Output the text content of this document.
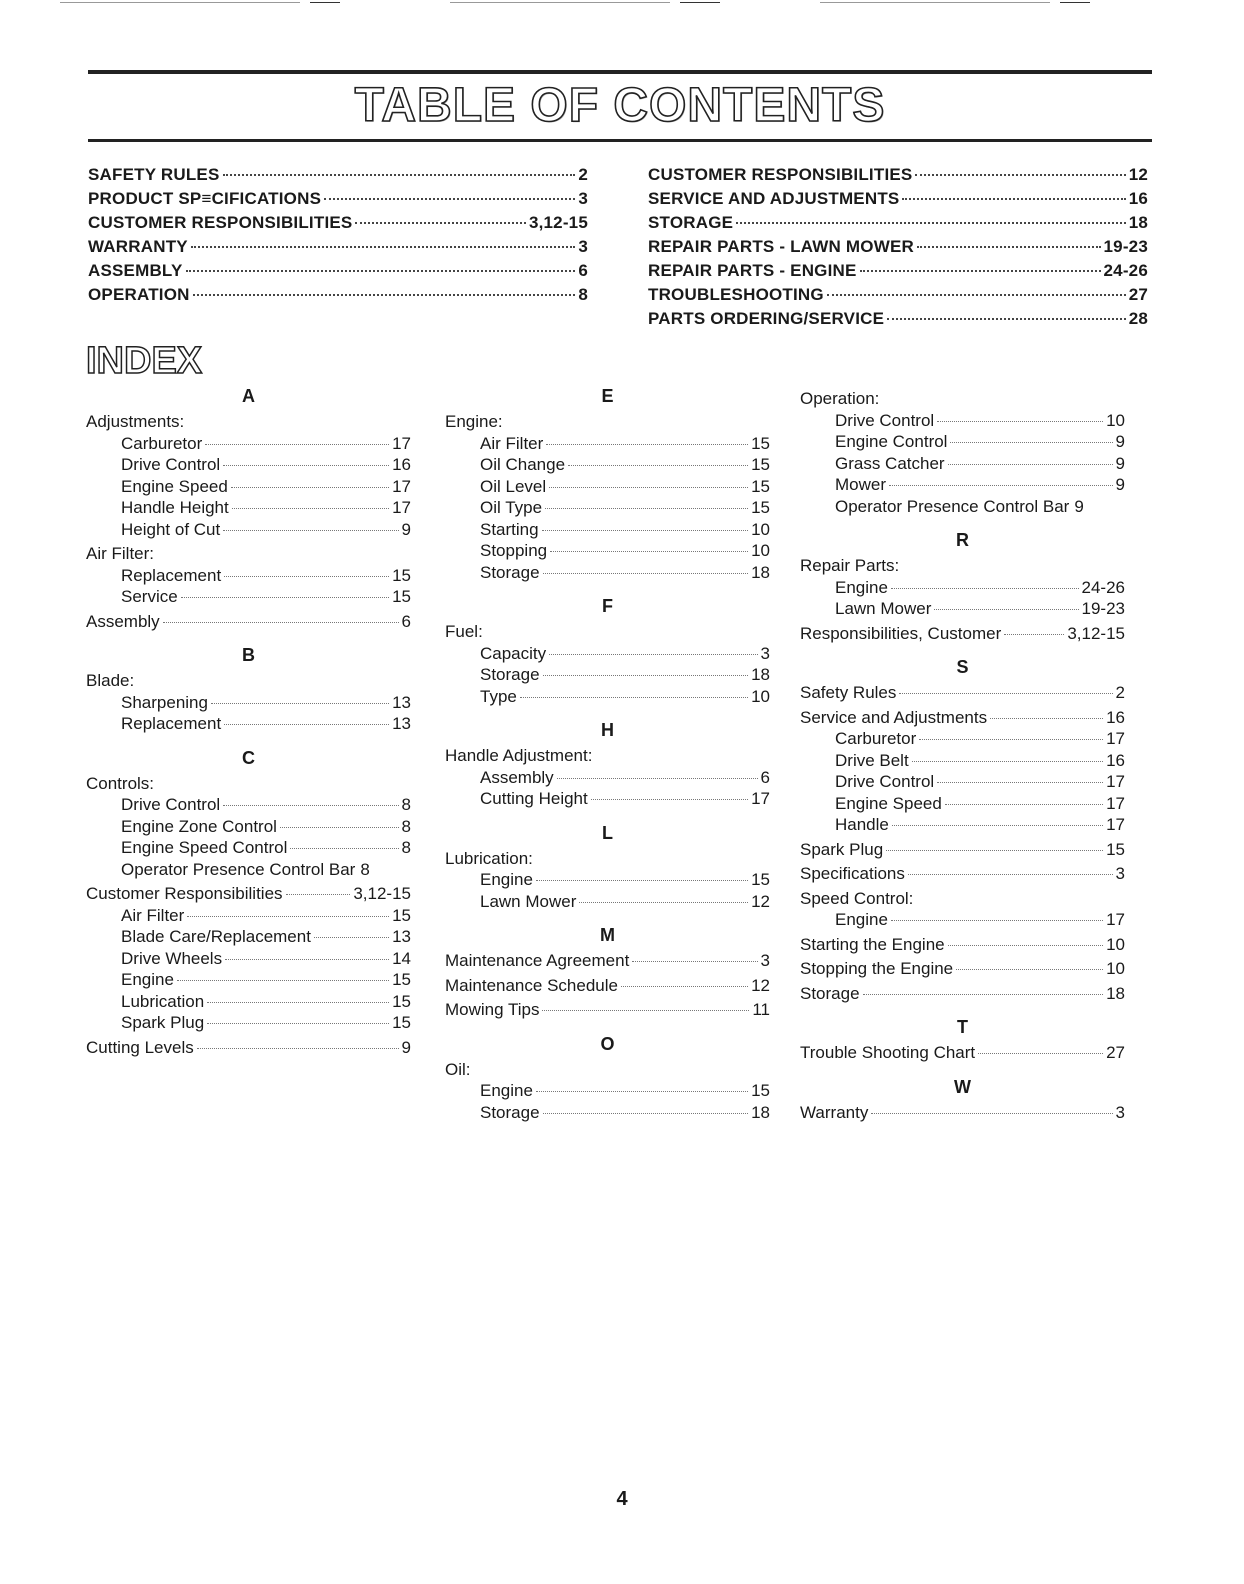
TABLE OF CONTENTS
SAFETY RULES	2
PRODUCT SP≡CIFICATIONS	3
CUSTOMER RESPONSIBILITIES	3,12-15
WARRANTY	3
ASSEMBLY	6
OPERATION	8
CUSTOMER RESPONSIBILITIES	12
SERVICE AND ADJUSTMENTS	16
STORAGE	18
REPAIR PARTS - LAWN MOWER	19-23
REPAIR PARTS - ENGINE	24-26
TROUBLESHOOTING	27
PARTS ORDERING/SERVICE	28
INDEX
A
Adjustments:
Carburetor	17
Drive Control	16
Engine Speed	17
Handle Height	17
Height of Cut	9
Air Filter:
Replacement	15
Service	15
Assembly	6
B
Blade:
Sharpening	13
Replacement	13
C
Controls:
Drive Control	8
Engine Zone Control	8
Engine Speed Control	8
Operator Presence Control Bar 8
Customer Responsibilities	3,12-15
Air Filter	15
Blade Care/Replacement	13
Drive Wheels	14
Engine	15
Lubrication	15
Spark Plug	15
Cutting Levels	9
E
Engine:
Air Filter	15
Oil Change	15
Oil Level	15
Oil Type	15
Starting	10
Stopping	10
Storage	18
F
Fuel:
Capacity	3
Storage	18
Type	10
H
Handle Adjustment:
Assembly	6
Cutting Height	17
L
Lubrication:
Engine	15
Lawn Mower	12
M
Maintenance Agreement	3
Maintenance Schedule	12
Mowing Tips	11
O
Oil:
Engine	15
Storage	18
Operation:
Drive Control	10
Engine Control	9
Grass Catcher	9
Mower	9
Operator Presence Control Bar 9
R
Repair Parts:
Engine	24-26
Lawn Mower	19-23
Responsibilities, Customer	3,12-15
S
Safety Rules	2
Service and Adjustments	16
Carburetor	17
Drive Belt	16
Drive Control	17
Engine Speed	17
Handle	17
Spark Plug	15
Specifications	3
Speed Control:
Engine	17
Starting the Engine	10
Stopping the Engine	10
Storage	18
T
Trouble Shooting Chart	27
W
Warranty	3
4
